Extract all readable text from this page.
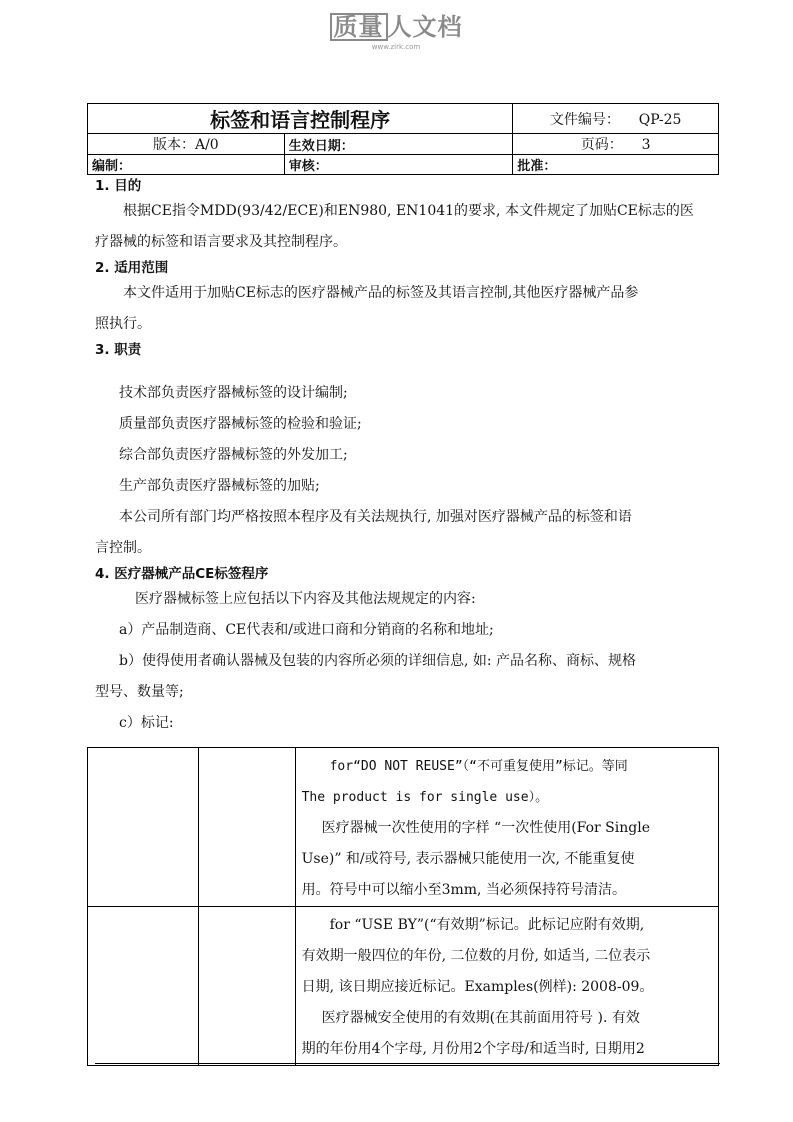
质量 人文档
www.zlrk.com
标签和语言控制程序		文件编号： QP-25
版本：A/0	生效日期：	页码： 3
编制：	审核：	批准：

1. 目的

根据CE指令MDD(93/42/ECE)和EN980, EN1041的要求, 本文件规定了加贴CE标志的医

疗器械的标签和语言要求及其控制程序。

2. 适用范围

本文件适用于加贴CE标志的医疗器械产品的标签及其语言控制,其他医疗器械产品参

照执行。

3. 职责

技术部负责医疗器械标签的设计编制;

质量部负责医疗器械标签的检验和验证;

综合部负责医疗器械标签的外发加工;

生产部负责医疗器械标签的加贴;

本公司所有部门均严格按照本程序及有关法规执行, 加强对医疗器械产品的标签和语

言控制。

4. 医疗器械产品CE标签程序

医疗器械标签上应包括以下内容及其他法规规定的内容:

a）产品制造商、CE代表和/或进口商和分销商的名称和地址;

b）使得使用者确认器械及包装的内容所必须的详细信息, 如: 产品名称、商标、规格

型号、数量等;

c）标记:

		for“DO NOT REUSE”（“不可重复使用”标记。等同

The product is for single use）。

医疗器械一次性使用的字样 “一次性使用(For Single

Use)” 和/或符号, 表示器械只能使用一次, 不能重复使

用。符号中可以缩小至3mm, 当必须保持符号清洁。

		for “USE BY”(“有效期”标记。此标记应附有效期,

有效期一般四位的年份, 二位数的月份, 如适当, 二位表示

日期, 该日期应接近标记。Examples(例样): 2008-09。

医疗器械安全使用的有效期(在其前面用符号 ). 有效

期的年份用4个字母, 月份用2个字母/和适当时, 日期用2
